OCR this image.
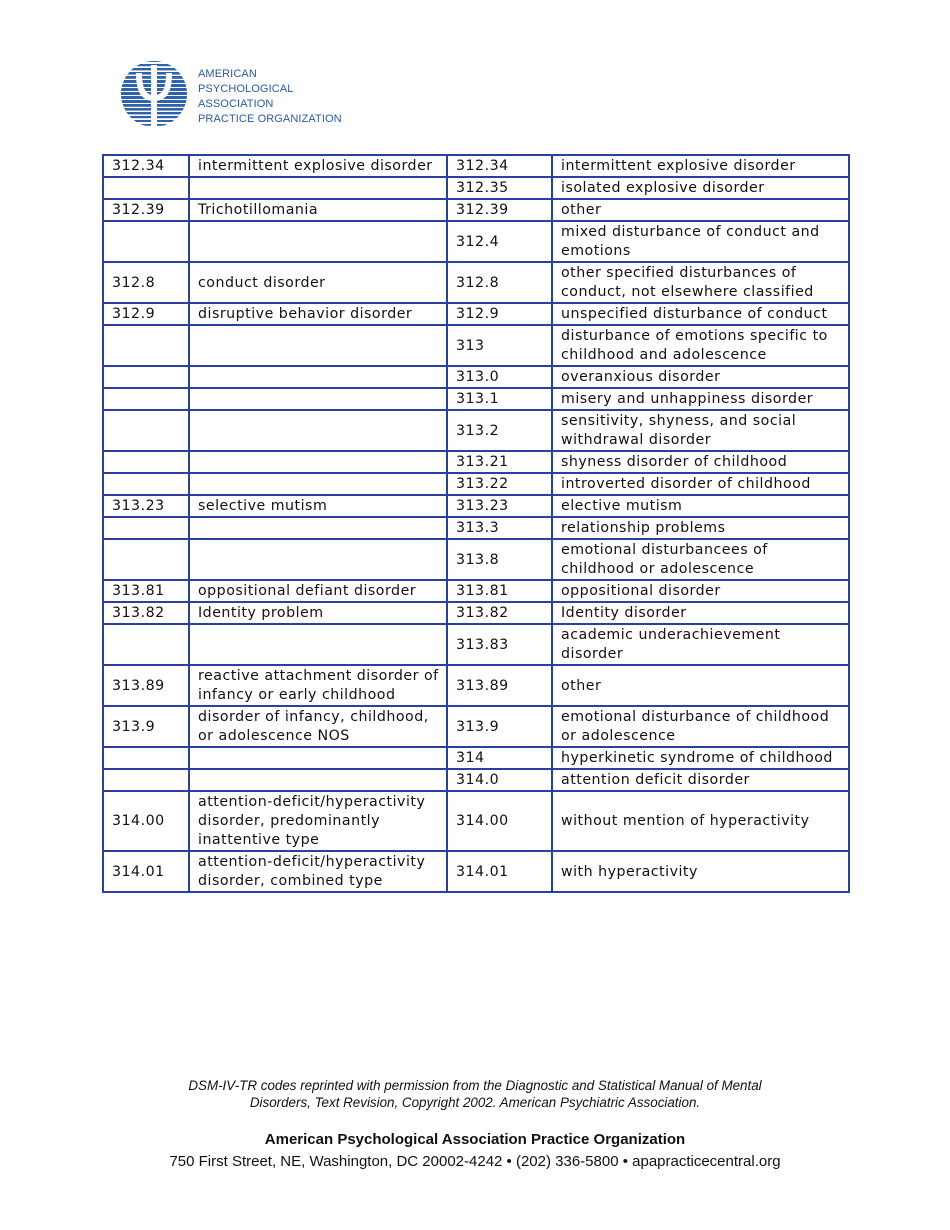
AMERICAN
PSYCHOLOGICAL
ASSOCIATION
PRACTICE ORGANIZATION
312.34	intermittent explosive disorder	312.34	intermittent explosive disorder
		312.35	isolated explosive disorder
312.39	Trichotillomania	312.39	other
		312.4	mixed disturbance of conduct and emotions
312.8	conduct disorder	312.8	other specified disturbances of conduct, not elsewhere classified
312.9	disruptive behavior disorder	312.9	unspecified disturbance of conduct
		313	disturbance of emotions specific to childhood and adolescence
		313.0	overanxious disorder
		313.1	misery and unhappiness disorder
		313.2	sensitivity, shyness, and social withdrawal disorder
		313.21	shyness disorder of childhood
		313.22	introverted disorder of childhood
313.23	selective mutism	313.23	elective mutism
		313.3	relationship problems
		313.8	emotional disturbancees of childhood or adolescence
313.81	oppositional defiant disorder	313.81	oppositional disorder
313.82	Identity problem	313.82	Identity disorder
		313.83	academic underachievement disorder
313.89	reactive attachment disorder of infancy or early childhood	313.89	other
313.9	disorder of infancy, childhood, or adolescence NOS	313.9	emotional disturbance of childhood or adolescence
		314	hyperkinetic syndrome of childhood
		314.0	attention deficit disorder
314.00	attention-deficit/hyperactivity disorder, predominantly inattentive type	314.00	without mention of hyperactivity
314.01	attention-deficit/hyperactivity disorder, combined type	314.01	with hyperactivity
DSM-IV-TR codes reprinted with permission from the Diagnostic and Statistical Manual of Mental
Disorders, Text Revision, Copyright 2002. American Psychiatric Association.
American Psychological Association Practice Organization
750 First Street, NE, Washington, DC 20002-4242 • (202) 336-5800 • apapracticecentral.org
